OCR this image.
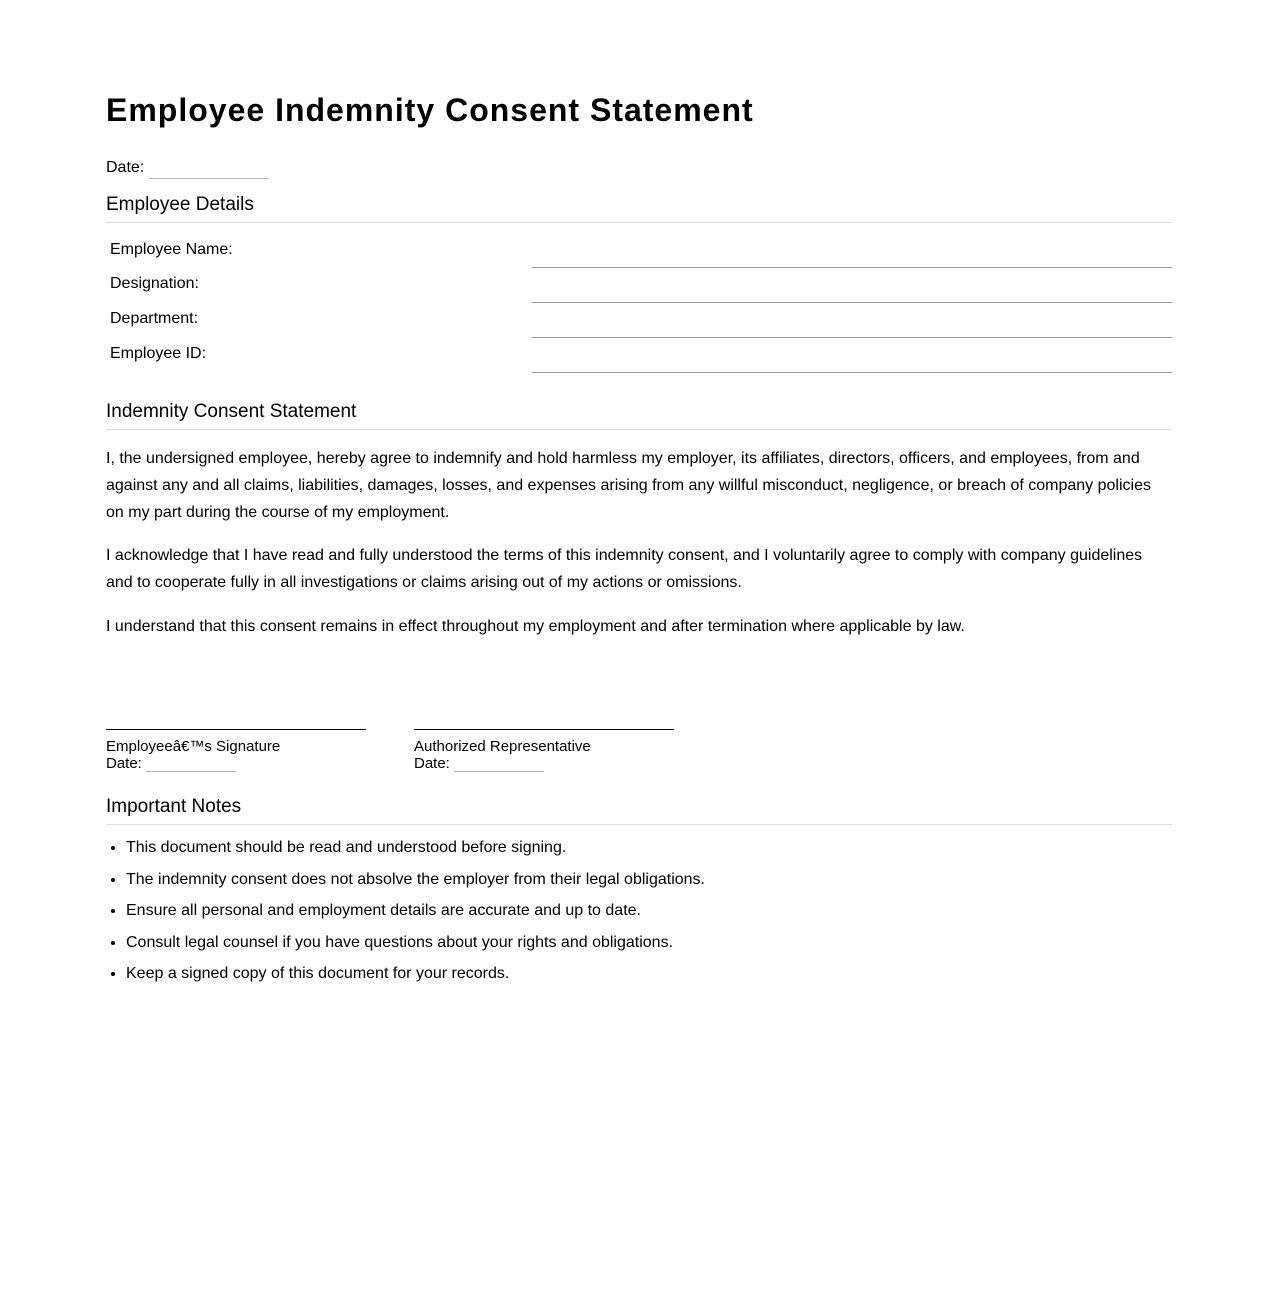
Employee Indemnity Consent Statement
Date:
Employee Details
Employee Name:
Designation:
Department:
Employee ID:
Indemnity Consent Statement

I, the undersigned employee, hereby agree to indemnify and hold harmless my employer, its affiliates, directors, officers, and employees, from and against any and all claims, liabilities, damages, losses, and expenses arising from any willful misconduct, negligence, or breach of company policies on my part during the course of my employment.

I acknowledge that I have read and fully understood the terms of this indemnity consent, and I voluntarily agree to comply with company guidelines and to cooperate fully in all investigations or claims arising out of my actions or omissions.

I understand that this consent remains in effect throughout my employment and after termination where applicable by law.

Employeeâ€™s Signature
Date:
Authorized Representative
Date:
Important Notes
• This document should be read and understood before signing.
• The indemnity consent does not absolve the employer from their legal obligations.
• Ensure all personal and employment details are accurate and up to date.
• Consult legal counsel if you have questions about your rights and obligations.
• Keep a signed copy of this document for your records.
